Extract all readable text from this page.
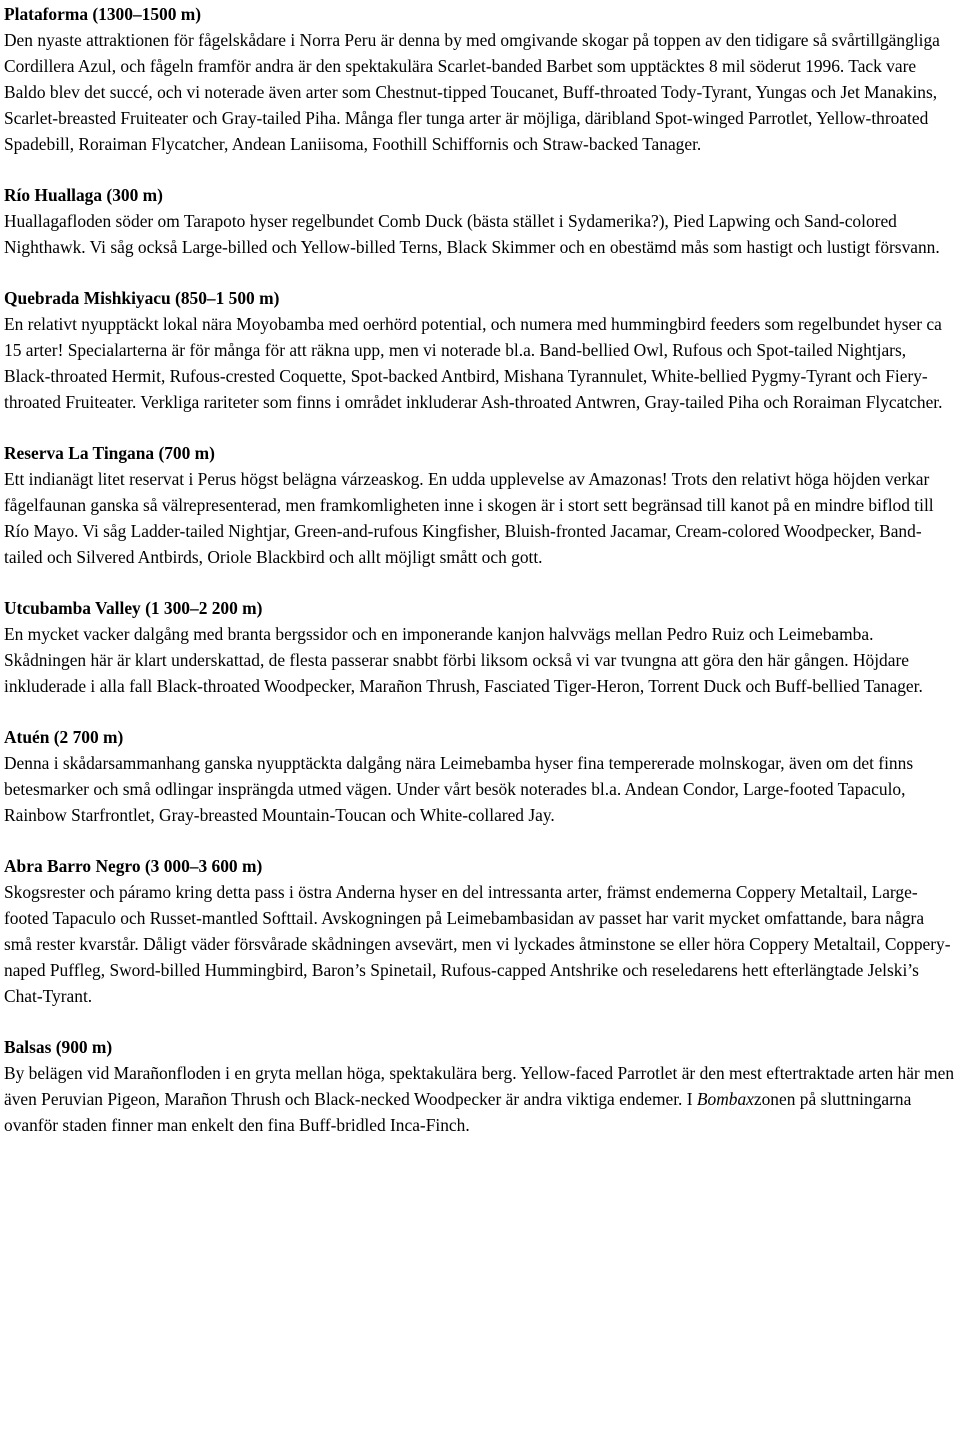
Plataforma (1300–1500 m)

Den nyaste attraktionen för fågelskådare i Norra Peru är denna by med omgivande skogar på toppen av den tidigare så svårtillgängliga Cordillera Azul, och fågeln framför andra är den spektakulära Scarlet-banded Barbet som upptäcktes 8 mil söderut 1996. Tack vare Baldo blev det succé, och vi noterade även arter som Chestnut-tipped Toucanet, Buff-throated Tody-Tyrant, Yungas och Jet Manakins, Scarlet-breasted Fruiteater och Gray-tailed Piha. Många fler tunga arter är möjliga, däribland Spot-winged Parrotlet, Yellow-throated Spadebill, Roraiman Flycatcher, Andean Laniisoma, Foothill Schiffornis och Straw-backed Tanager.

Río Huallaga (300 m)

Huallagafloden söder om Tarapoto hyser regelbundet Comb Duck (bästa stället i Sydamerika?), Pied Lapwing och Sand-colored Nighthawk. Vi såg också Large-billed och Yellow-billed Terns, Black Skimmer och en obestämd mås som hastigt och lustigt försvann.

Quebrada Mishkiyacu (850–1 500 m)

En relativt nyupptäckt lokal nära Moyobamba med oerhörd potential, och numera med hummingbird feeders som regelbundet hyser ca 15 arter! Specialarterna är för många för att räkna upp, men vi noterade bl.a. Band-bellied Owl, Rufous och Spot-tailed Nightjars, Black-throated Hermit, Rufous-crested Coquette, Spot-backed Antbird, Mishana Tyrannulet, White-bellied Pygmy-Tyrant och Fiery-throated Fruiteater. Verkliga rariteter som finns i området inkluderar Ash-throated Antwren, Gray-tailed Piha och Roraiman Flycatcher.

Reserva La Tingana (700 m)

Ett indianägt litet reservat i Perus högst belägna várzeaskog. En udda upplevelse av Amazonas! Trots den relativt höga höjden verkar fågelfaunan ganska så välrepresenterad, men framkomligheten inne i skogen är i stort sett begränsad till kanot på en mindre biflod till Río Mayo. Vi såg Ladder-tailed Nightjar, Green-and-rufous Kingfisher, Bluish-fronted Jacamar, Cream-colored Woodpecker, Band-tailed och Silvered Antbirds, Oriole Blackbird och allt möjligt smått och gott.

Utcubamba Valley (1 300–2 200 m)

En mycket vacker dalgång med branta bergssidor och en imponerande kanjon halvvägs mellan Pedro Ruiz och Leimebamba. Skådningen här är klart underskattad, de flesta passerar snabbt förbi liksom också vi var tvungna att göra den här gången. Höjdare inkluderade i alla fall Black-throated Woodpecker, Marañon Thrush, Fasciated Tiger-Heron, Torrent Duck och Buff-bellied Tanager.

Atuén (2 700 m)

Denna i skådarsammanhang ganska nyupptäckta dalgång nära Leimebamba hyser fina tempererade molnskogar, även om det finns betesmarker och små odlingar insprängda utmed vägen. Under vårt besök noterades bl.a. Andean Condor, Large-footed Tapaculo, Rainbow Starfrontlet, Gray-breasted Mountain-Toucan och White-collared Jay.

Abra Barro Negro (3 000–3 600 m)

Skogsrester och páramo kring detta pass i östra Anderna hyser en del intressanta arter, främst endemerna Coppery Metaltail, Large-footed Tapaculo och Russet-mantled Softtail. Avskogningen på Leimebambasidan av passet har varit mycket omfattande, bara några små rester kvarstår. Dåligt väder försvårade skådningen avsevärt, men vi lyckades åtminstone se eller höra Coppery Metaltail, Coppery-naped Puffleg, Sword-billed Hummingbird, Baron’s Spinetail, Rufous-capped Antshrike och reseledarens hett efterlängtade Jelski’s Chat-Tyrant.

Balsas (900 m)

By belägen vid Marañonfloden i en gryta mellan höga, spektakulära berg. Yellow-faced Parrotlet är den mest eftertraktade arten här men även Peruvian Pigeon, Marañon Thrush och Black-necked Woodpecker är andra viktiga endemer. I Bombaxzonen på sluttningarna ovanför staden finner man enkelt den fina Buff-bridled Inca-Finch.
